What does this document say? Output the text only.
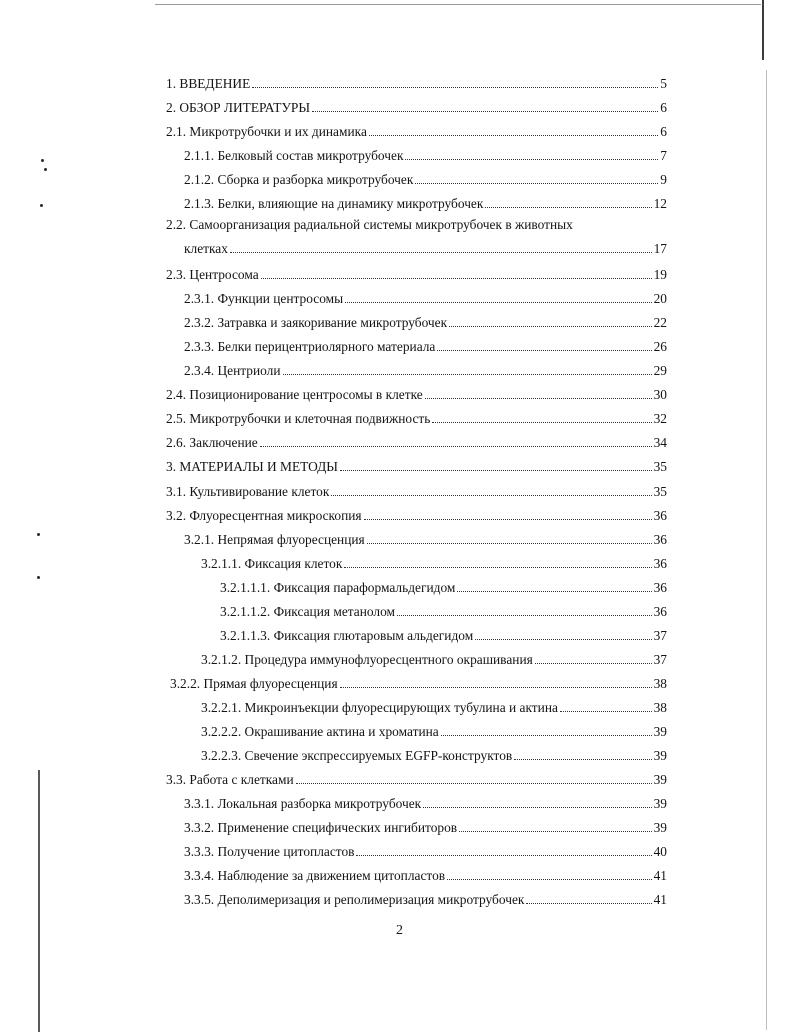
1. ВВЕДЕНИЕ	5
2. ОБЗОР ЛИТЕРАТУРЫ	6
2.1. Микротрубочки и их динамика	6
2.1.1. Белковый состав микротрубочек	7
2.1.2. Сборка и разборка микротрубочек	9
2.1.3. Белки, влияющие на динамику микротрубочек	12
2.2. Самоорганизация радиальной системы микротрубочек в животных
клетках	17
2.3. Центросома	19
2.3.1. Функции центросомы	20
2.3.2. Затравка и заякоривание микротрубочек	22
2.3.3. Белки перицентриолярного материала	26
2.3.4. Центриоли	29
2.4. Позиционирование центросомы в клетке	30
2.5. Микротрубочки и клеточная подвижность	32
2.6. Заключение	34
3. МАТЕРИАЛЫ И МЕТОДЫ	35
3.1. Культивирование клеток	35
3.2. Флуоресцентная микроскопия	36
3.2.1. Непрямая флуоресценция	36
3.2.1.1. Фиксация клеток	36
3.2.1.1.1. Фиксация параформальдегидом	36
3.2.1.1.2. Фиксация метанолом	36
3.2.1.1.3. Фиксация глютаровым альдегидом	37
3.2.1.2. Процедура иммунофлуоресцентного окрашивания	37
3.2.2. Прямая флуоресценция	38
3.2.2.1. Микроинъекции флуоресцирующих тубулина и актина	38
3.2.2.2. Окрашивание актина и хроматина	39
3.2.2.3. Свечение экспрессируемых EGFP-конструктов	39
3.3. Работа с клетками	39
3.3.1. Локальная разборка микротрубочек	39
3.3.2. Применение специфических ингибиторов	39
3.3.3. Получение цитопластов	40
3.3.4. Наблюдение за движением цитопластов	41
3.3.5. Деполимеризация и реполимеризация микротрубочек	41
2
